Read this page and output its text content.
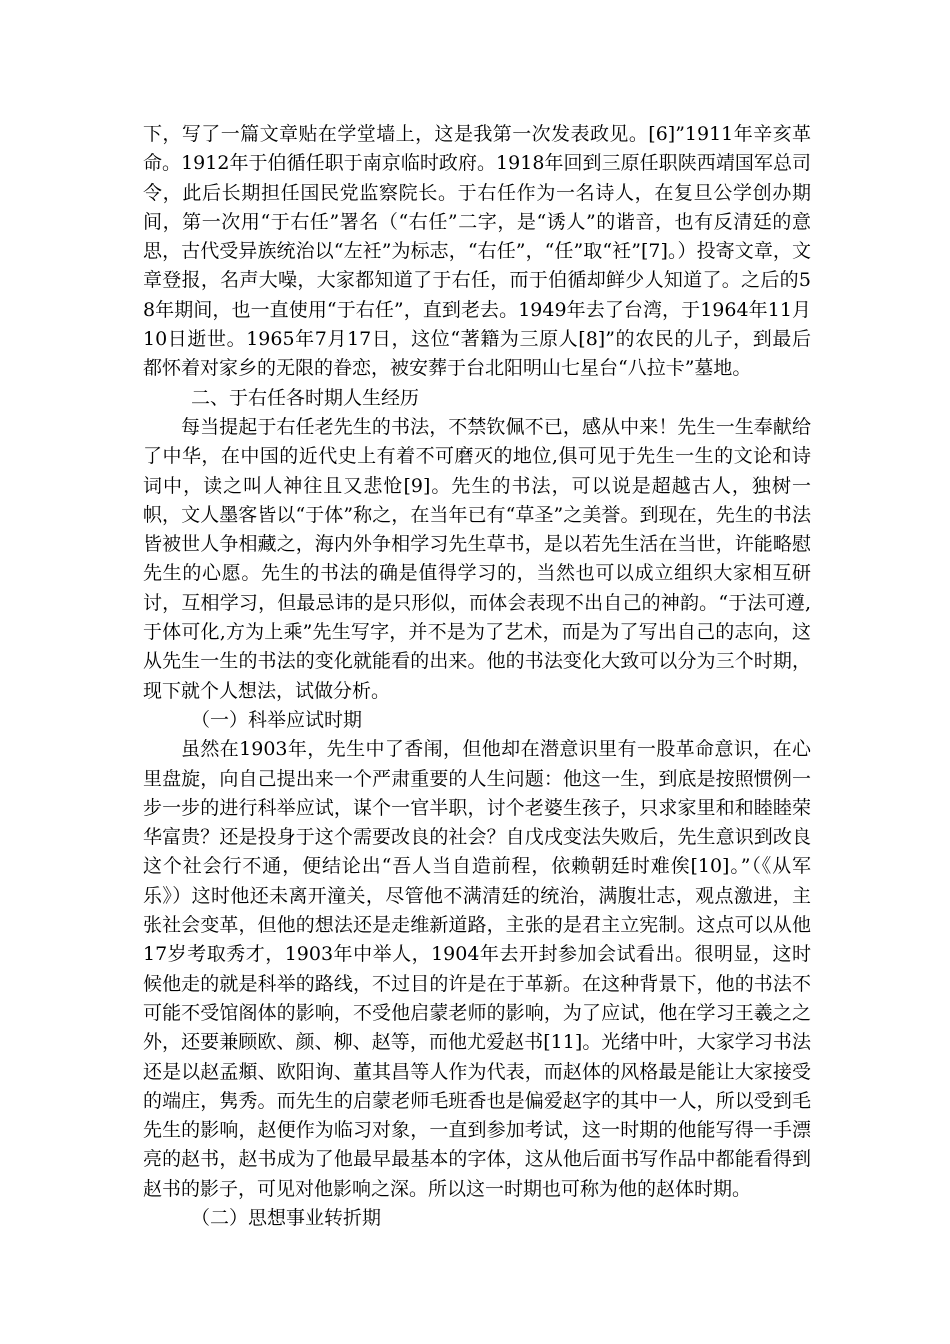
下，写了一篇文章贴在学堂墙上，这是我第一次发表政见。[6]”1911年辛亥革命。1912年于伯循任职于南京临时政府。1918年回到三原任职陕西靖国军总司令，此后长期担任国民党监察院长。于右任作为一名诗人，在复旦公学创办期间，第一次用“于右任”署名（“右任”二字，是“诱人”的谐音，也有反清廷的意思，古代受异族统治以“左衽”为标志，“右任”，“任”取“衽”[7]。）投寄文章，文章登报，名声大噪，大家都知道了于右任，而于伯循却鲜少人知道了。之后的58年期间，也一直使用“于右任”，直到老去。1949年去了台湾，于1964年11月10日逝世。1965年7月17日，这位“著籍为三原人[8]”的农民的儿子，到最后都怀着对家乡的无限的眷恋，被安葬于台北阳明山七星台“八拉卡”墓地。

二、于右任各时期人生经历

每当提起于右任老先生的书法，不禁钦佩不已，感从中来！先生一生奉献给了中华，在中国的近代史上有着不可磨灭的地位,俱可见于先生一生的文论和诗词中，读之叫人神往且又悲怆[9]。先生的书法，可以说是超越古人，独树一帜，文人墨客皆以“于体”称之，在当年已有“草圣”之美誉。到现在，先生的书法皆被世人争相藏之，海内外争相学习先生草书，是以若先生活在当世，许能略慰先生的心愿。先生的书法的确是值得学习的，当然也可以成立组织大家相互研讨，互相学习，但最忌讳的是只形似，而体会表现不出自己的神韵。“于法可遵,于体可化,方为上乘”先生写字，并不是为了艺术，而是为了写出自己的志向，这从先生一生的书法的变化就能看的出来。他的书法变化大致可以分为三个时期，现下就个人想法，试做分析。

（一）科举应试时期

虽然在1903年，先生中了香闱，但他却在潜意识里有一股革命意识，在心里盘旋，向自己提出来一个严肃重要的人生问题：他这一生，到底是按照惯例一步一步的进行科举应试，谋个一官半职，讨个老婆生孩子，只求家里和和睦睦荣华富贵？还是投身于这个需要改良的社会？自戊戌变法失败后，先生意识到改良这个社会行不通，便结论出“吾人当自造前程，依赖朝廷时难俟[10]。”（《从军乐》）这时他还未离开潼关，尽管他不满清廷的统治，满腹壮志，观点激进，主张社会变革，但他的想法还是走维新道路，主张的是君主立宪制。这点可以从他17岁考取秀才，1903年中举人，1904年去开封参加会试看出。很明显，这时候他走的就是科举的路线，不过目的许是在于革新。在这种背景下，他的书法不可能不受馆阁体的影响，不受他启蒙老师的影响，为了应试，他在学习王羲之之外，还要兼顾欧、颜、柳、赵等，而他尤爱赵书[11]。光绪中叶，大家学习书法还是以赵孟頫、欧阳询、董其昌等人作为代表，而赵体的风格最是能让大家接受的端庄，隽秀。而先生的启蒙老师毛班香也是偏爱赵字的其中一人，所以受到毛先生的影响，赵便作为临习对象，一直到参加考试，这一时期的他能写得一手漂亮的赵书，赵书成为了他最早最基本的字体，这从他后面书写作品中都能看得到赵书的影子，可见对他影响之深。所以这一时期也可称为他的赵体时期。

（二）思想事业转折期
